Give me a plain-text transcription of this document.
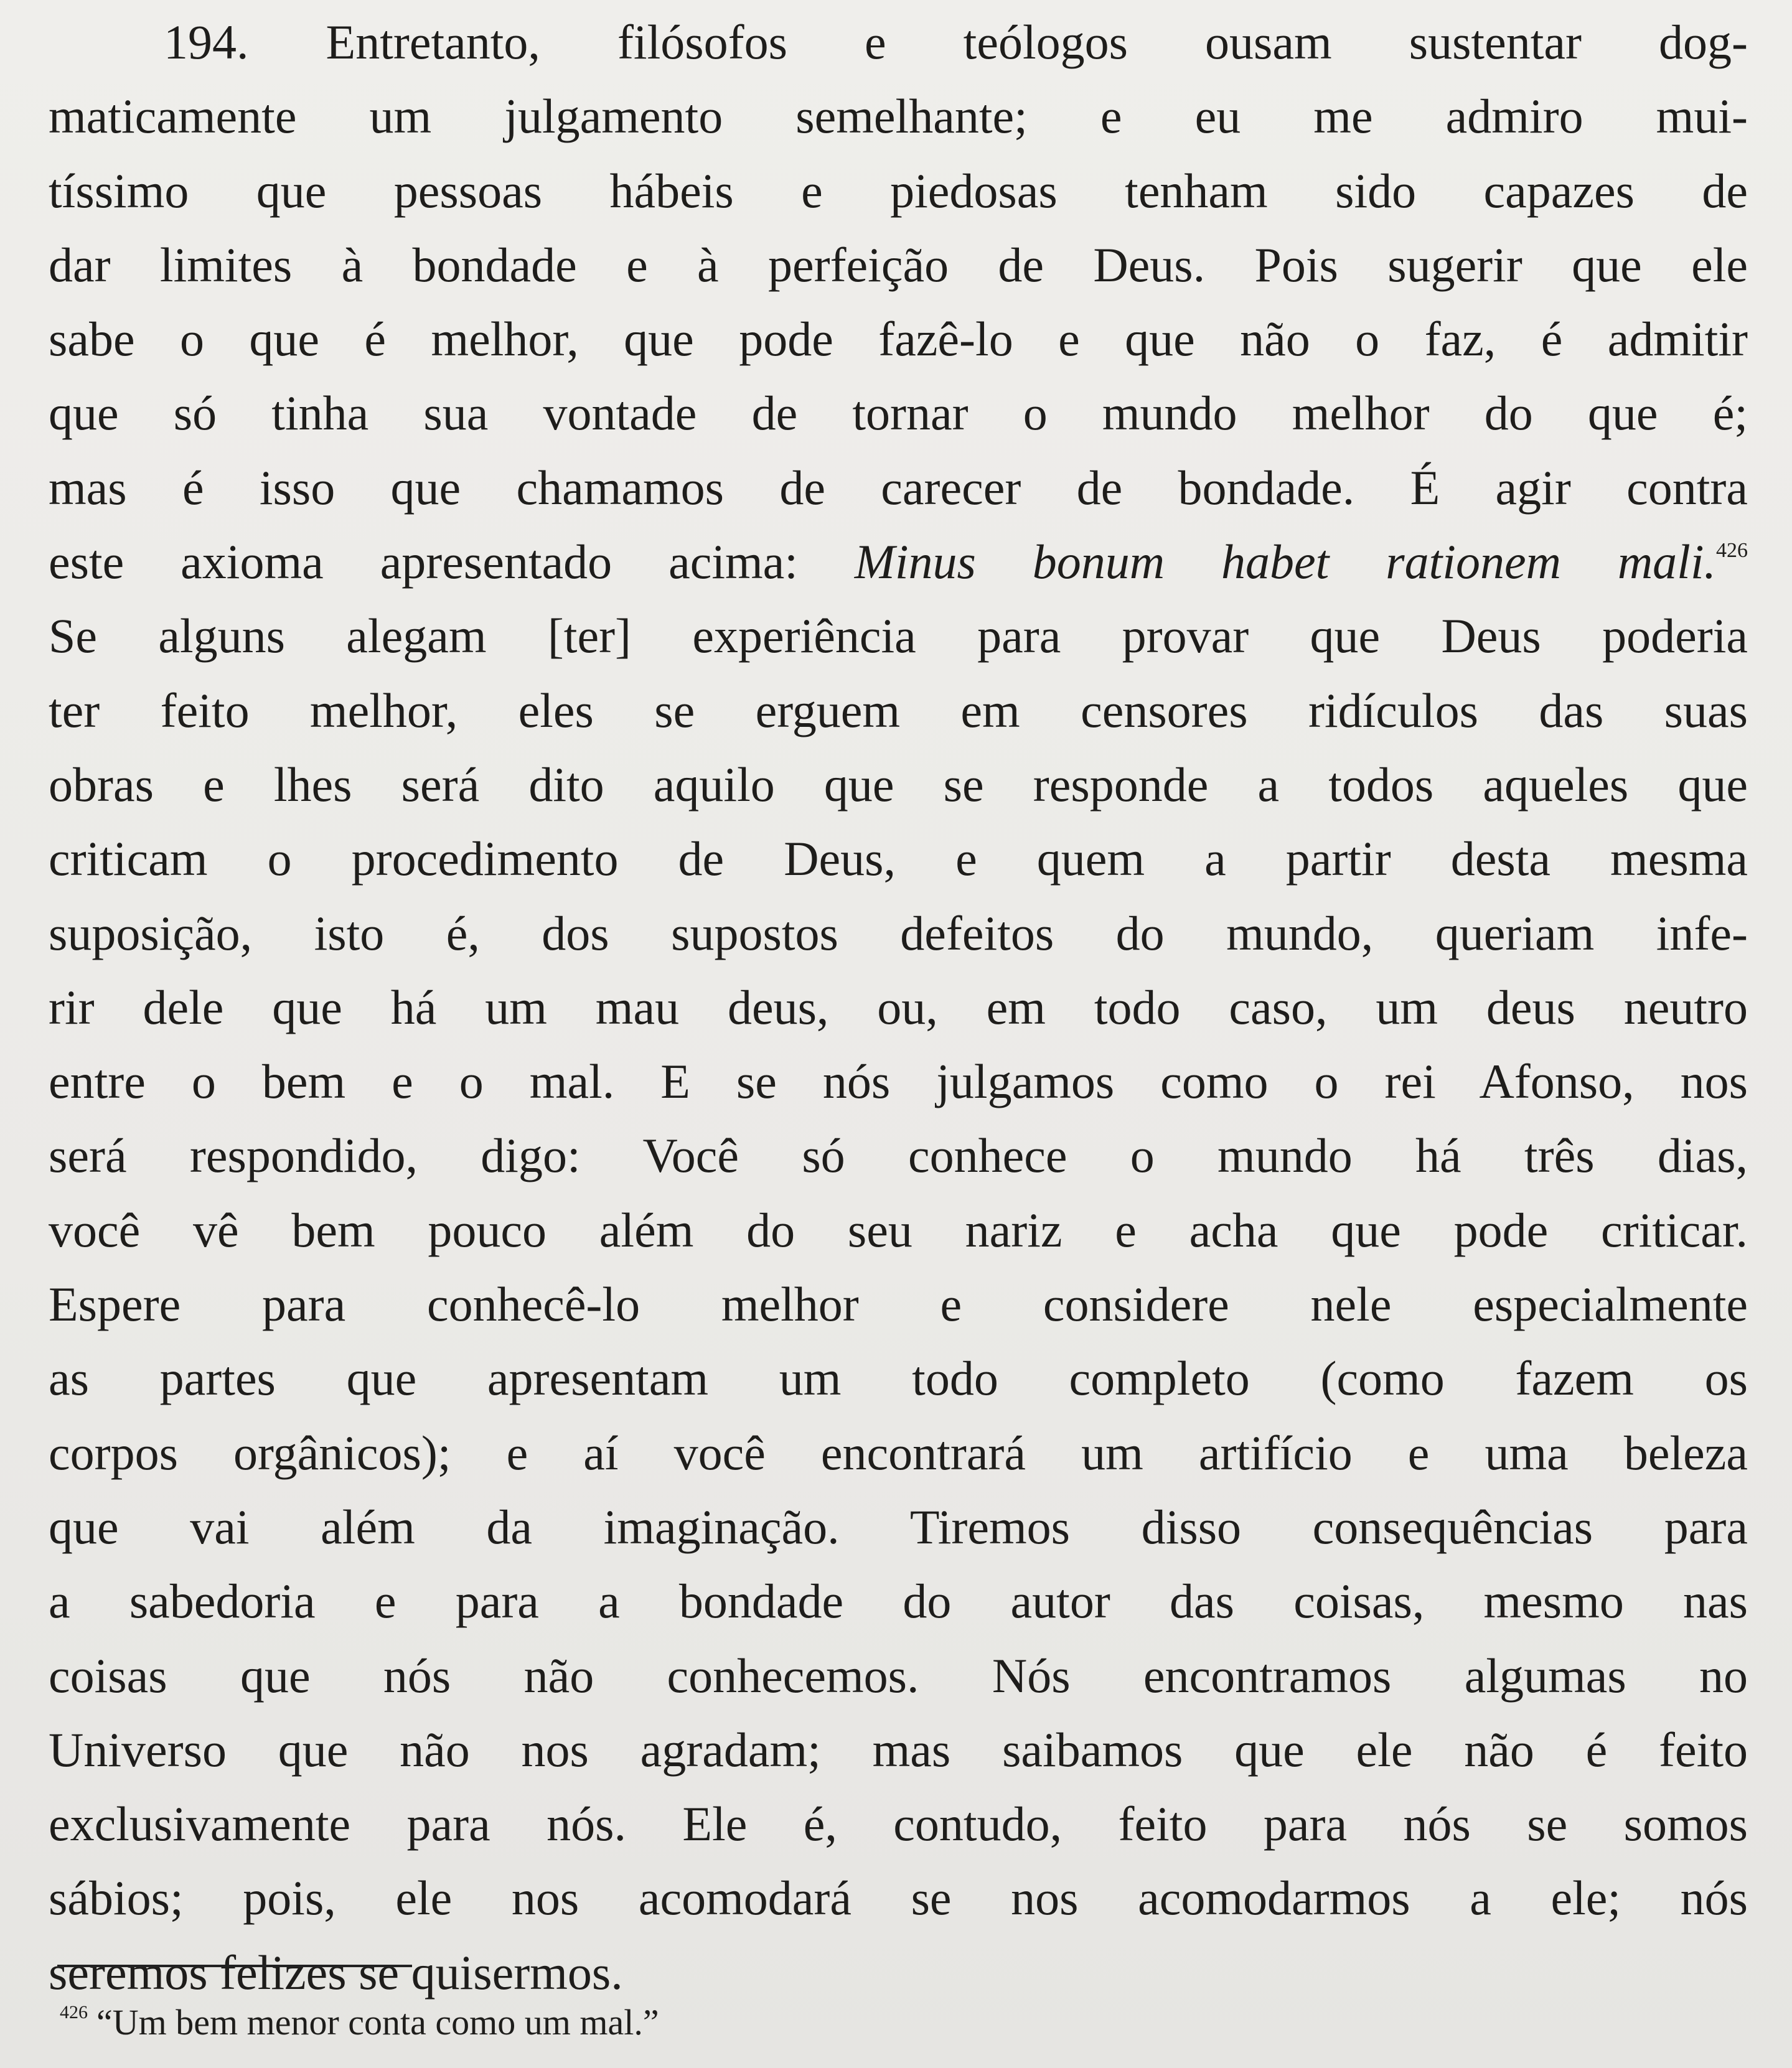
194. Entretanto, filósofos e teólogos ousam sustentar dog-
maticamente um julgamento semelhante; e eu me admiro mui-
tíssimo que pessoas hábeis e piedosas tenham sido capazes de
dar limites à bondade e à perfeição de Deus. Pois sugerir que ele
sabe o que é melhor, que pode fazê-lo e que não o faz, é admitir
que só tinha sua vontade de tornar o mundo melhor do que é;
mas é isso que chamamos de carecer de bondade. É agir contra
este axioma apresentado acima: Minus bonum habet rationem mali.$^{426}$
Se alguns alegam [ter] experiência para provar que Deus poderia
ter feito melhor, eles se erguem em censores ridículos das suas
obras e lhes será dito aquilo que se responde a todos aqueles que
criticam o procedimento de Deus, e quem a partir desta mesma
suposição, isto é, dos supostos defeitos do mundo, queriam infe-
rir dele que há um mau deus, ou, em todo caso, um deus neutro
entre o bem e o mal. E se nós julgamos como o rei Afonso, nos
será respondido, digo: Você só conhece o mundo há três dias,
você vê bem pouco além do seu nariz e acha que pode criticar.
Espere para conhecê-lo melhor e considere nele especialmente
as partes que apresentam um todo completo (como fazem os
corpos orgânicos); e aí você encontrará um artifício e uma beleza
que vai além da imaginação. Tiremos disso consequências para
a sabedoria e para a bondade do autor das coisas, mesmo nas
coisas que nós não conhecemos. Nós encontramos algumas no
Universo que não nos agradam; mas saibamos que ele não é feito
exclusivamente para nós. Ele é, contudo, feito para nós se somos
sábios; pois, ele nos acomodará se nos acomodarmos a ele; nós
seremos felizes se quisermos.
$^{426}$ “Um bem menor conta como um mal.”
